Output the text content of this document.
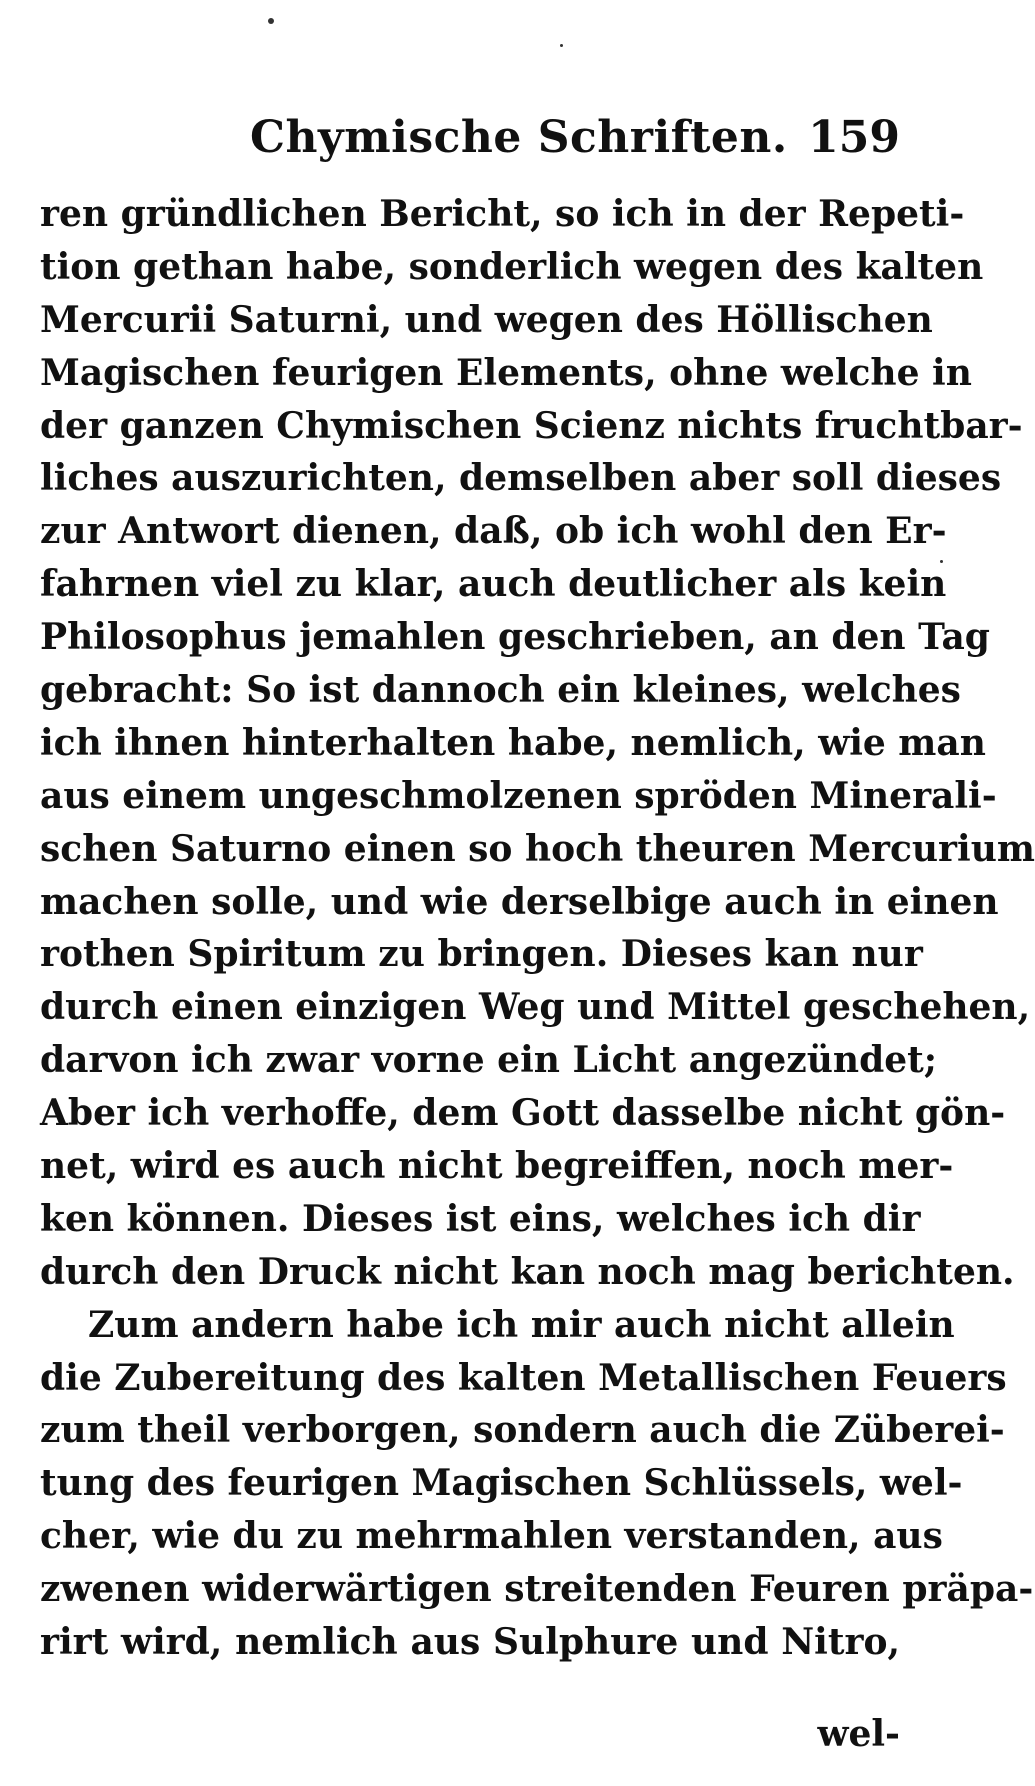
Chymische Schriften. 159
ren gründlichen Bericht, so ich in der Repeti-
tion gethan habe, sonderlich wegen des kalten
Mercurii Saturni, und wegen des Höllischen
Magischen feurigen Elements, ohne welche in
der ganzen Chymischen Scienz nichts fruchtbar-
liches auszurichten, demselben aber soll dieses
zur Antwort dienen, daß, ob ich wohl den Er-
fahrnen viel zu klar, auch deutlicher als kein
Philosophus jemahlen geschrieben, an den Tag
gebracht: So ist dannoch ein kleines, welches
ich ihnen hinterhalten habe, nemlich, wie man
aus einem ungeschmolzenen spröden Minerali-
schen Saturno einen so hoch theuren Mercurium
machen solle, und wie derselbige auch in einen
rothen Spiritum zu bringen. Dieses kan nur
durch einen einzigen Weg und Mittel geschehen,
darvon ich zwar vorne ein Licht angezündet;
Aber ich verhoffe, dem Gott dasselbe nicht gön-
net, wird es auch nicht begreiffen, noch mer-
ken können. Dieses ist eins, welches ich dir
durch den Druck nicht kan noch mag berichten.
Zum andern habe ich mir auch nicht allein
die Zubereitung des kalten Metallischen Feuers
zum theil verborgen, sondern auch die Züberei-
tung des feurigen Magischen Schlüssels, wel-
cher, wie du zu mehrmahlen verstanden, aus
zwenen widerwärtigen streitenden Feuren präpa-
rirt wird, nemlich aus Sulphure und Nitro,
wel-
